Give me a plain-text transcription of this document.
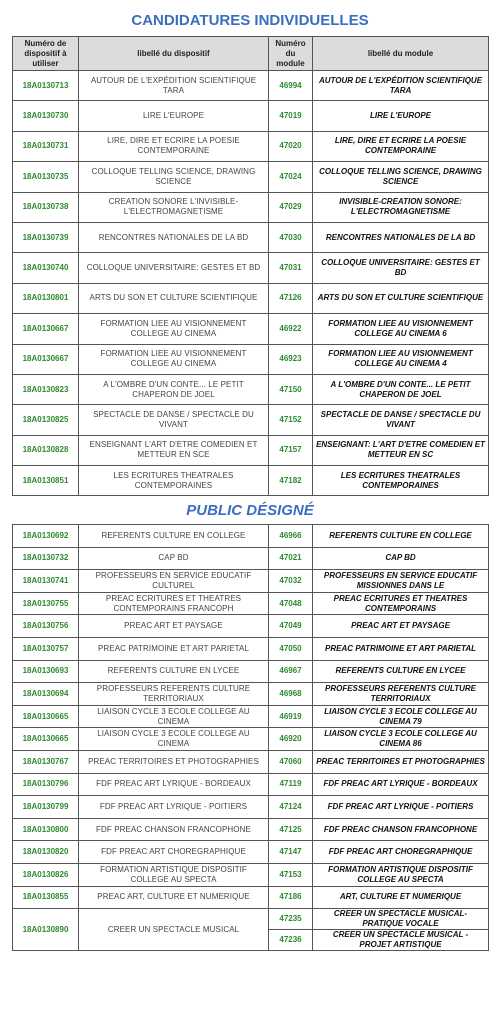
CANDIDATURES INDIVIDUELLES
Numéro de dispositif à utiliser	libellé du dispositif	Numéro du module	libellé du module
18A0130713	AUTOUR DE L'EXPÉDITION SCIENTIFIQUE TARA	46994	AUTOUR DE L'EXPÉDITION SCIENTIFIQUE TARA
18A0130730	LIRE L'EUROPE	47019	LIRE L'EUROPE
18A0130731	LIRE, DIRE ET ECRIRE LA POESIE CONTEMPORAINE	47020	LIRE, DIRE ET ECRIRE LA POESIE CONTEMPORAINE
18A0130735	COLLOQUE TELLING SCIENCE, DRAWING SCIENCE	47024	COLLOQUE TELLING SCIENCE, DRAWING SCIENCE
18A0130738	CREATION SONORE L'INVISIBLE-L'ELECTROMAGNETISME	47029	INVISIBLE-CREATION SONORE: L'ELECTROMAGNETISME
18A0130739	RENCONTRES NATIONALES DE LA BD	47030	RENCONTRES NATIONALES DE LA BD
18A0130740	COLLOQUE UNIVERSITAIRE: GESTES ET BD	47031	COLLOQUE UNIVERSITAIRE: GESTES ET BD
18A0130801	ARTS DU SON ET CULTURE SCIENTIFIQUE	47126	ARTS DU SON ET CULTURE SCIENTIFIQUE
18A0130667	FORMATION LIEE AU VISIONNEMENT COLLEGE AU CINEMA	46922	FORMATION LIEE AU VISIONNEMENT COLLEGE AU CINEMA 6
18A0130667	FORMATION LIEE AU VISIONNEMENT COLLEGE AU CINEMA	46923	FORMATION LIEE AU VISIONNEMENT COLLEGE AU CINEMA 4
18A0130823	A L'OMBRE D'UN CONTE... LE PETIT CHAPERON DE JOEL	47150	A L'OMBRE D'UN CONTE... LE PETIT CHAPERON DE JOEL
18A0130825	SPECTACLE DE DANSE / SPECTACLE DU VIVANT	47152	SPECTACLE DE DANSE / SPECTACLE DU VIVANT
18A0130828	ENSEIGNANT L'ART D'ETRE COMEDIEN ET METTEUR EN SCE	47157	ENSEIGNANT: L'ART D'ETRE COMEDIEN ET METTEUR EN SC
18A0130851	LES ECRITURES THEATRALES CONTEMPORAINES	47182	LES ECRITURES THEATRALES CONTEMPORAINES
PUBLIC DÉSIGNÉ
18A0130692	REFERENTS CULTURE EN COLLEGE	46966	REFERENTS CULTURE EN COLLEGE
18A0130732	CAP BD	47021	CAP BD
18A0130741	PROFESSEURS EN SERVICE EDUCATIF CULTUREL	47032	PROFESSEURS EN SERVICE EDUCATIF MISSIONNES DANS LE
18A0130755	PREAC ECRITURES ET THEATRES CONTEMPORAINS FRANCOPH	47048	PREAC ECRITURES ET THEATRES CONTEMPORAINS
18A0130756	PREAC ART ET PAYSAGE	47049	PREAC ART ET PAYSAGE
18A0130757	PREAC PATRIMOINE ET ART PARIETAL	47050	PREAC PATRIMOINE ET ART PARIETAL
18A0130693	REFERENTS CULTURE EN LYCEE	46967	REFERENTS CULTURE EN LYCEE
18A0130694	PROFESSEURS REFERENTS CULTURE TERRITORIAUX	46968	PROFESSEURS REFERENTS CULTURE TERRITORIAUX
18A0130665	LIAISON CYCLE 3 ECOLE COLLEGE AU CINEMA	46919	LIAISON CYCLE 3 ECOLE COLLEGE AU CINEMA 79
18A0130665	LIAISON CYCLE 3 ECOLE COLLEGE AU CINEMA	46920	LIAISON CYCLE 3 ECOLE COLLEGE AU CINEMA 86
18A0130767	PREAC TERRITOIRES ET PHOTOGRAPHIES	47060	PREAC TERRITOIRES ET PHOTOGRAPHIES
18A0130796	FDF PREAC ART LYRIQUE - BORDEAUX	47119	FDF PREAC ART LYRIQUE - BORDEAUX
18A0130799	FDF PREAC ART LYRIQUE - POITIERS	47124	FDF PREAC ART LYRIQUE - POITIERS
18A0130800	FDF PREAC CHANSON FRANCOPHONE	47125	FDF PREAC CHANSON FRANCOPHONE
18A0130820	FDF PREAC ART CHOREGRAPHIQUE	47147	FDF PREAC ART CHOREGRAPHIQUE
18A0130826	FORMATION ARTISTIQUE DISPOSITIF COLLEGE AU SPECTA	47153	FORMATION ARTISTIQUE DISPOSITIF COLLEGE AU SPECTA
18A0130855	PREAC ART, CULTURE ET NUMERIQUE	47186	ART, CULTURE ET NUMERIQUE
18A0130890	CREER UN SPECTACLE MUSICAL	47235	CREER UN SPECTACLE MUSICAL-PRATIQUE VOCALE
		47236	CREER UN SPECTACLE MUSICAL - PROJET ARTISTIQUE
